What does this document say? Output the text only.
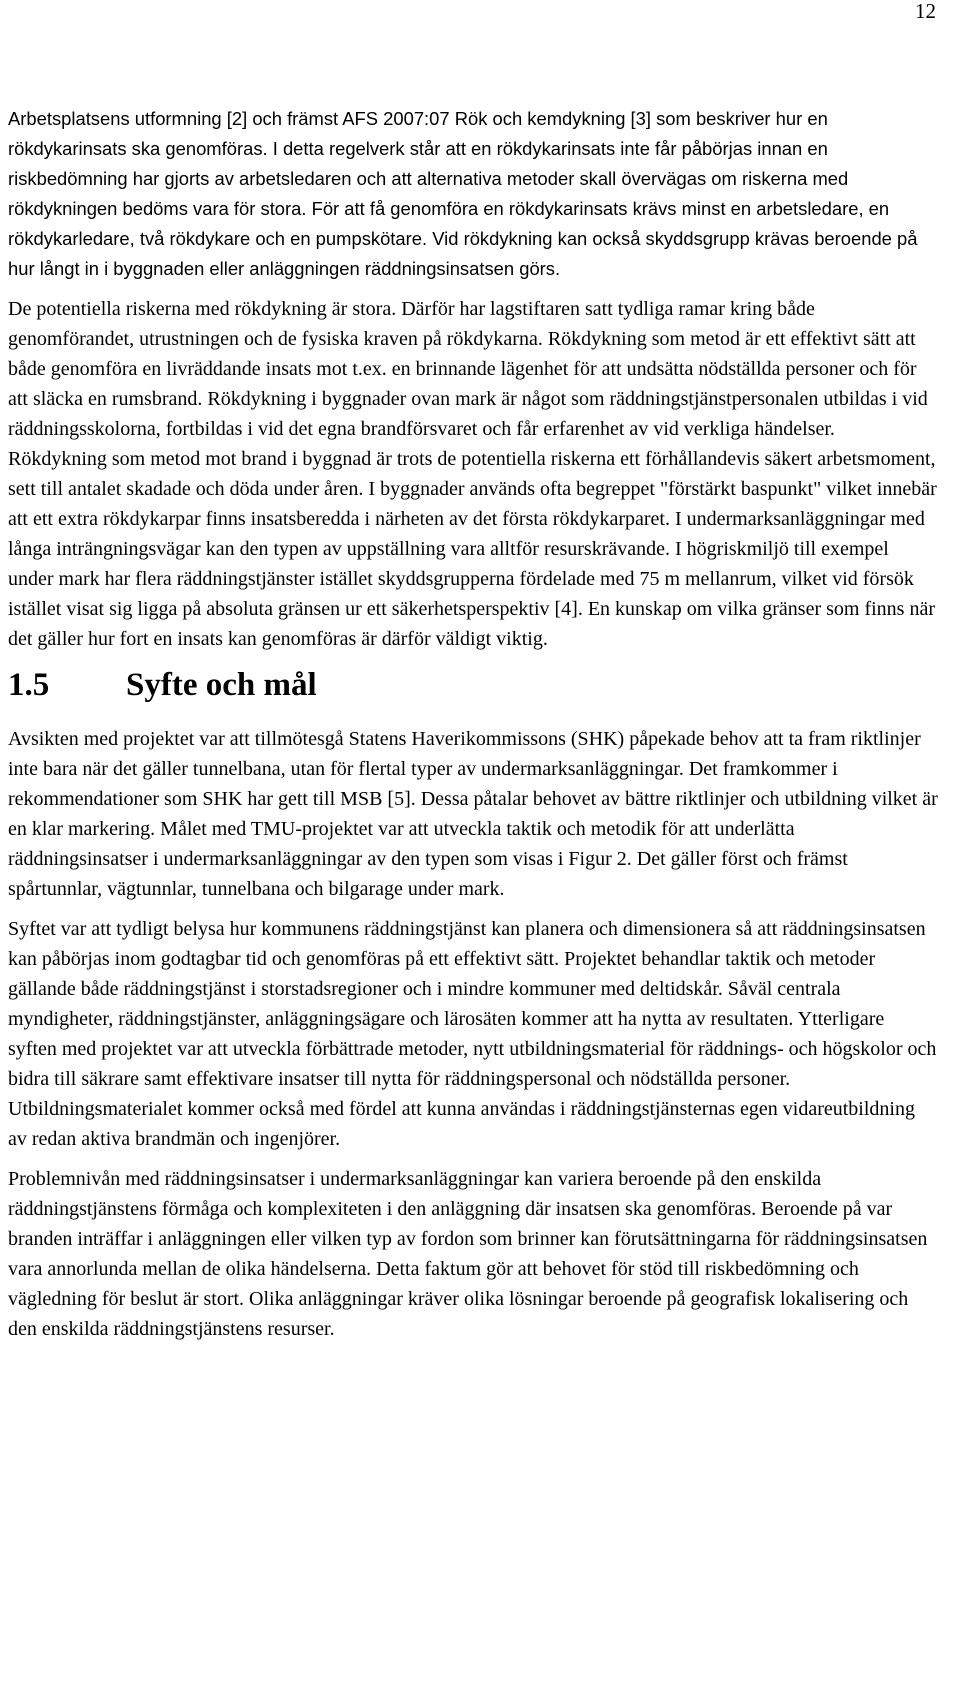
12

Arbetsplatsens utformning [2] och främst AFS 2007:07 Rök och kemdykning [3] som beskriver hur en rökdykarinsats ska genomföras. I detta regelverk står att en rökdykarinsats inte får påbörjas innan en riskbedömning har gjorts av arbetsledaren och att alternativa metoder skall övervägas om riskerna med rökdykningen bedöms vara för stora. För att få genomföra en rökdykarinsats krävs minst en arbetsledare, en rökdykarledare, två rökdykare och en pumpskötare. Vid rökdykning kan också skyddsgrupp krävas beroende på hur långt in i byggnaden eller anläggningen räddningsinsatsen görs.

De potentiella riskerna med rökdykning är stora. Därför har lagstiftaren satt tydliga ramar kring både genomförandet, utrustningen och de fysiska kraven på rökdykarna. Rökdykning som metod är ett effektivt sätt att både genomföra en livräddande insats mot t.ex. en brinnande lägenhet för att undsätta nödställda personer och för att släcka en rumsbrand. Rökdykning i byggnader ovan mark är något som räddningstjänstpersonalen utbildas i vid räddningsskolorna, fortbildas i vid det egna brandförsvaret och får erfarenhet av vid verkliga händelser. Rökdykning som metod mot brand i byggnad är trots de potentiella riskerna ett förhållandevis säkert arbetsmoment, sett till antalet skadade och döda under åren. I byggnader används ofta begreppet "förstärkt baspunkt" vilket innebär att ett extra rökdykarpar finns insatsberedda i närheten av det första rökdykarparet. I undermarksanläggningar med långa inträngningsvägar kan den typen av uppställning vara alltför resurskrävande. I högriskmiljö till exempel under mark har flera räddningstjänster istället skyddsgrupperna fördelade med 75 m mellanrum, vilket vid försök istället visat sig ligga på absoluta gränsen ur ett säkerhetsperspektiv [4]. En kunskap om vilka gränser som finns när det gäller hur fort en insats kan genomföras är därför väldigt viktig.

1.5 Syfte och mål

Avsikten med projektet var att tillmötesgå Statens Haverikommissons (SHK) påpekade behov att ta fram riktlinjer inte bara när det gäller tunnelbana, utan för flertal typer av undermarksanläggningar. Det framkommer i rekommendationer som SHK har gett till MSB [5]. Dessa påtalar behovet av bättre riktlinjer och utbildning vilket är en klar markering. Målet med TMU-projektet var att utveckla taktik och metodik för att underlätta räddningsinsatser i undermarksanläggningar av den typen som visas i Figur 2. Det gäller först och främst spårtunnlar, vägtunnlar, tunnelbana och bilgarage under mark.

Syftet var att tydligt belysa hur kommunens räddningstjänst kan planera och dimensionera så att räddningsinsatsen kan påbörjas inom godtagbar tid och genomföras på ett effektivt sätt. Projektet behandlar taktik och metoder gällande både räddningstjänst i storstadsregioner och i mindre kommuner med deltidskår. Såväl centrala myndigheter, räddningstjänster, anläggningsägare och lärosäten kommer att ha nytta av resultaten. Ytterligare syften med projektet var att utveckla förbättrade metoder, nytt utbildningsmaterial för räddnings- och högskolor och bidra till säkrare samt effektivare insatser till nytta för räddningspersonal och nödställda personer. Utbildningsmaterialet kommer också med fördel att kunna användas i räddningstjänsternas egen vidareutbildning av redan aktiva brandmän och ingenjörer.

Problemnivån med räddningsinsatser i undermarksanläggningar kan variera beroende på den enskilda räddningstjänstens förmåga och komplexiteten i den anläggning där insatsen ska genomföras. Beroende på var branden inträffar i anläggningen eller vilken typ av fordon som brinner kan förutsättningarna för räddningsinsatsen vara annorlunda mellan de olika händelserna. Detta faktum gör att behovet för stöd till riskbedömning och vägledning för beslut är stort. Olika anläggningar kräver olika lösningar beroende på geografisk lokalisering och den enskilda räddningstjänstens resurser.
